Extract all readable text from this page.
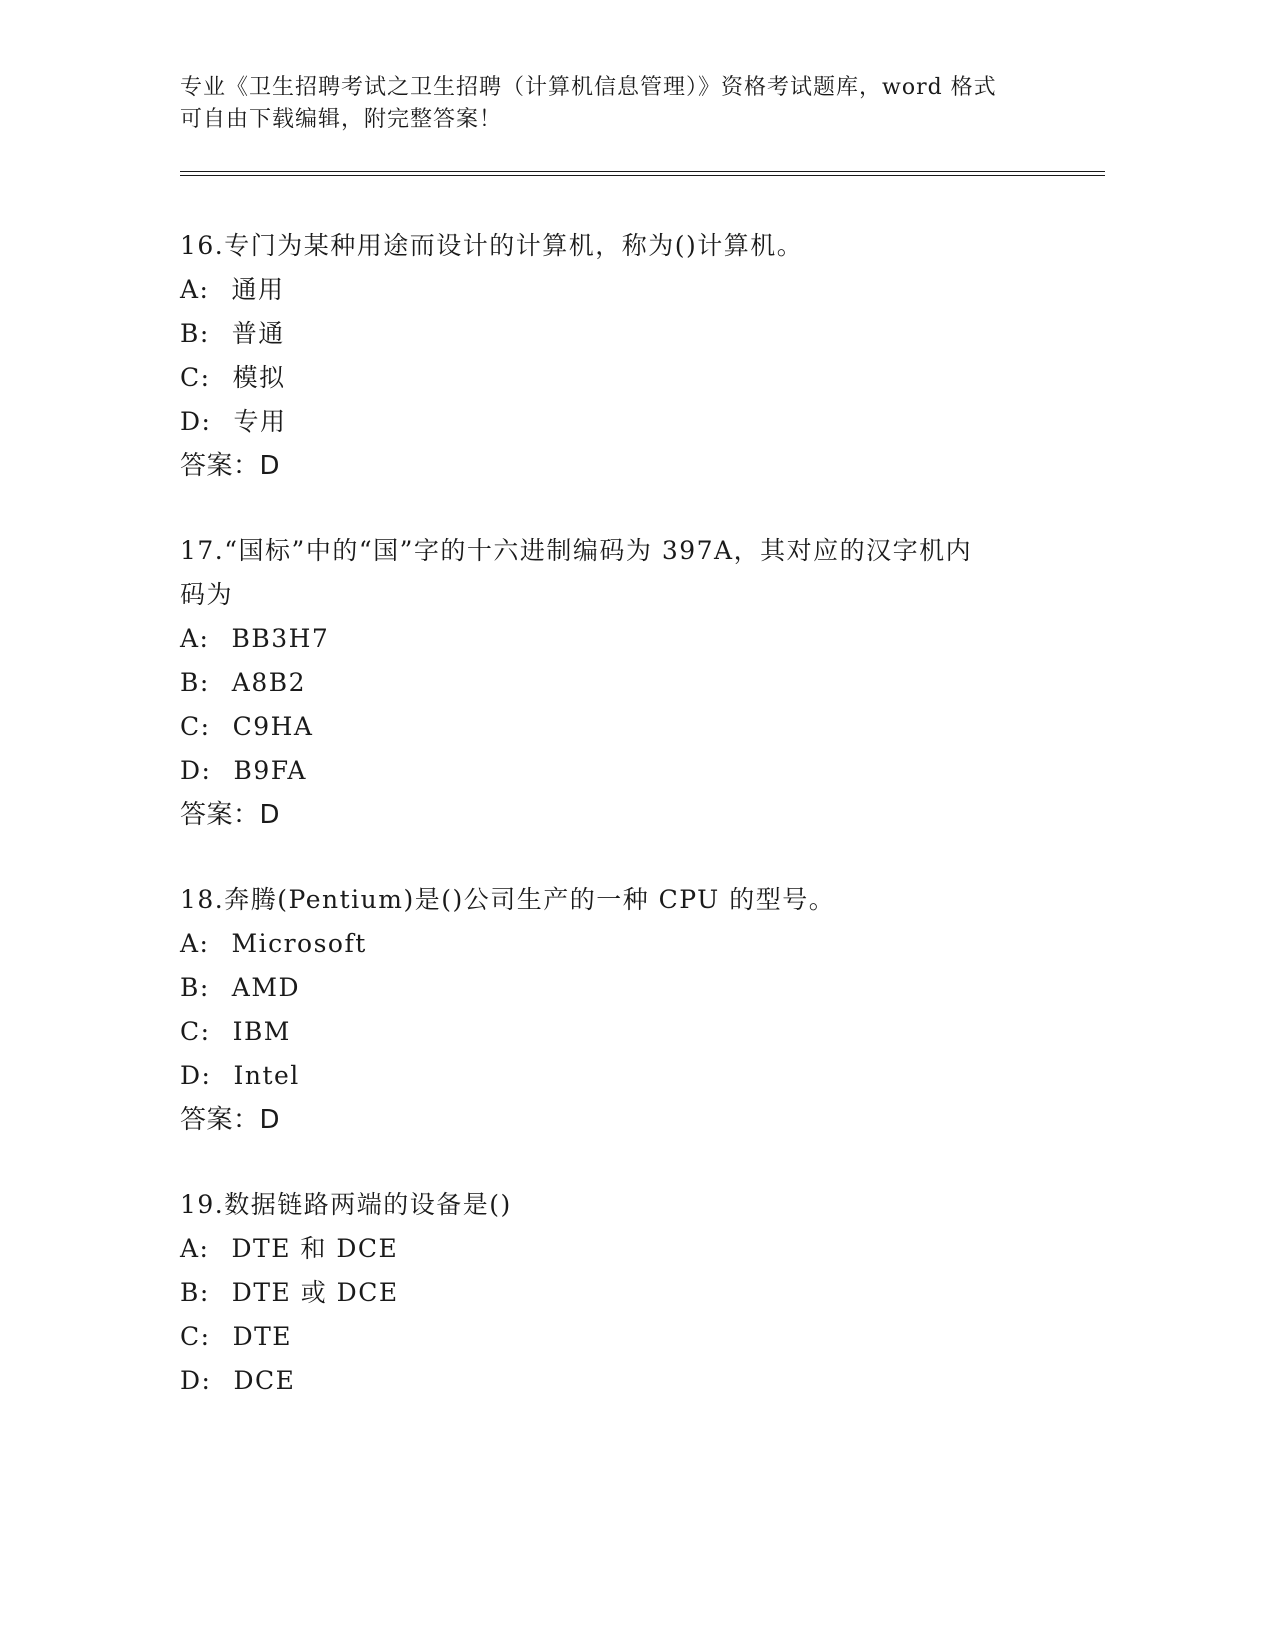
专业《卫生招聘考试之卫生招聘（计算机信息管理）》资格考试题库，word 格式
可自由下载编辑，附完整答案！
16.专门为某种用途而设计的计算机，称为()计算机。
A: 通用
B: 普通
C: 模拟
D: 专用
答案：D
17.“国标”中的“国”字的十六进制编码为 397A，其对应的汉字机内
码为
A: BB3H7
B: A8B2
C: C9HA
D: B9FA
答案：D
18.奔腾(Pentium)是()公司生产的一种 CPU 的型号。
A: Microsoft
B: AMD
C: IBM
D: Intel
答案：D
19.数据链路两端的设备是()
A: DTE 和 DCE
B: DTE 或 DCE
C: DTE
D: DCE
